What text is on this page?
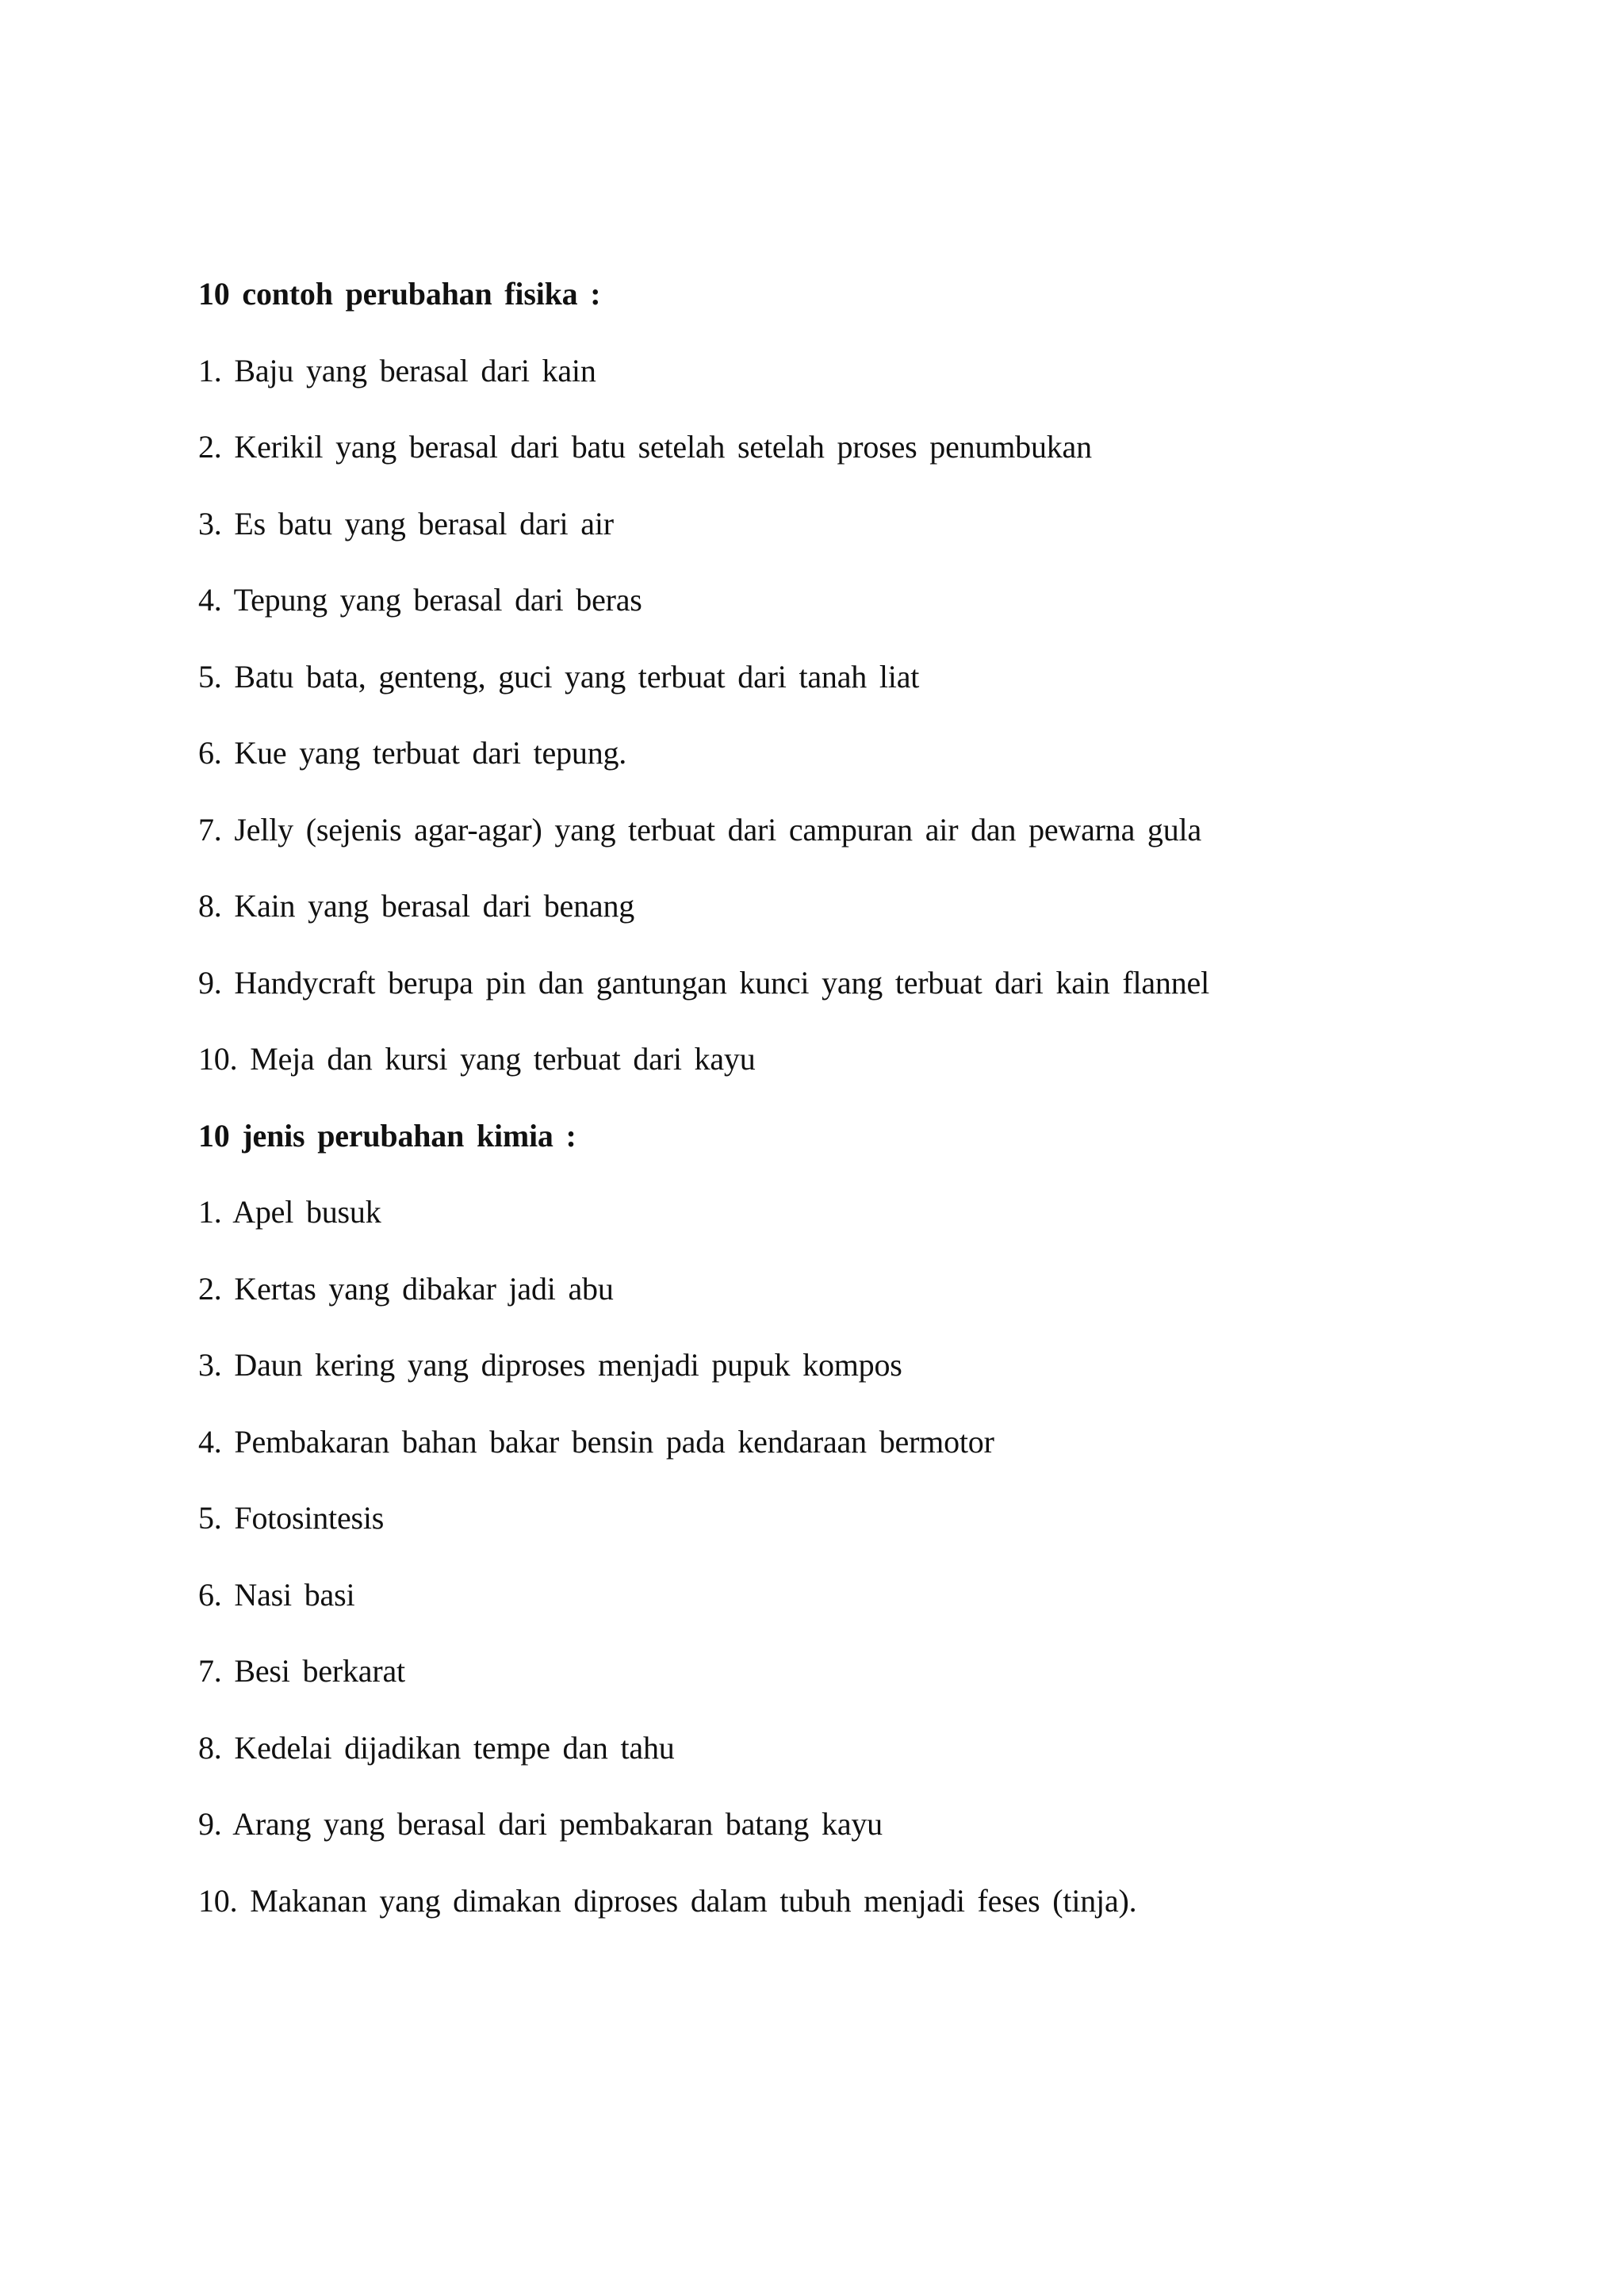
10 contoh perubahan fisika :
1. Baju yang berasal dari kain
2. Kerikil yang berasal dari batu setelah setelah proses penumbukan
3. Es batu yang berasal dari air
4. Tepung yang berasal dari beras
5. Batu bata, genteng, guci yang terbuat dari tanah liat
6. Kue yang terbuat dari tepung.
7. Jelly (sejenis agar-agar) yang terbuat dari campuran air dan pewarna gula
8. Kain yang berasal dari benang
9. Handycraft berupa pin dan gantungan kunci yang terbuat dari kain flannel
10. Meja dan kursi yang terbuat dari kayu
10 jenis perubahan kimia :
1. Apel busuk
2. Kertas yang dibakar jadi abu
3. Daun kering yang diproses menjadi pupuk kompos
4. Pembakaran bahan bakar bensin pada kendaraan bermotor
5. Fotosintesis
6. Nasi basi
7. Besi berkarat
8. Kedelai dijadikan tempe dan tahu
9. Arang yang berasal dari pembakaran batang kayu
10. Makanan yang dimakan diproses dalam tubuh menjadi feses (tinja).
